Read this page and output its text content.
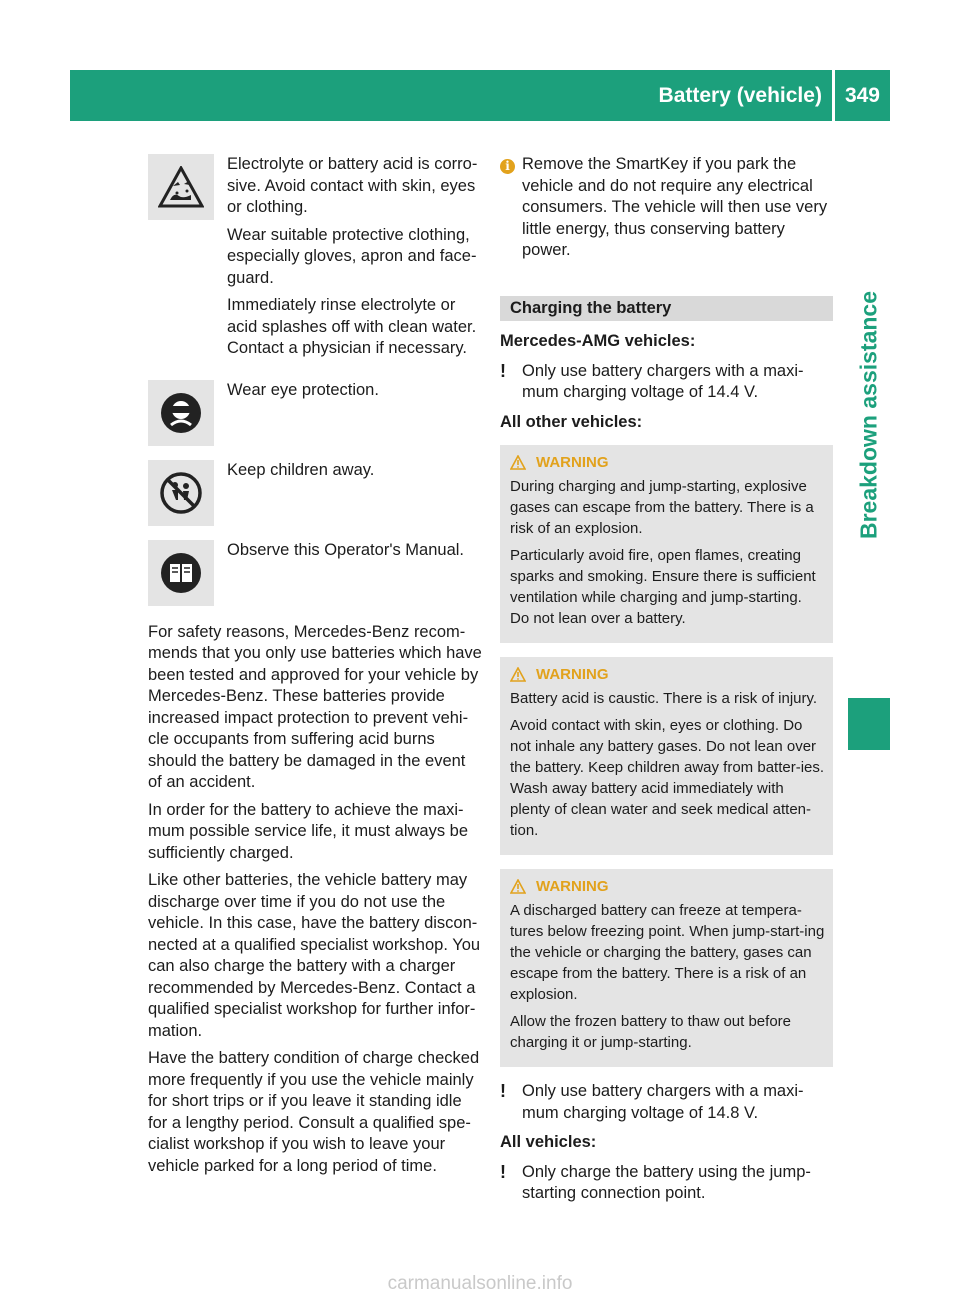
Battery (vehicle) 349
Breakdown assistance

Electrolyte or battery acid is corro-sive. Avoid contact with skin, eyes or clothing.

Wear suitable protective clothing, especially gloves, apron and face-guard.

Immediately rinse electrolyte or acid splashes off with clean water. Contact a physician if necessary.

Wear eye protection.

Keep children away.

Observe this Operator's Manual.

For safety reasons, Mercedes-Benz recom-mends that you only use batteries which have been tested and approved for your vehicle by Mercedes-Benz. These batteries provide increased impact protection to prevent vehi-cle occupants from suffering acid burns should the battery be damaged in the event of an accident.

In order for the battery to achieve the maxi-mum possible service life, it must always be sufficiently charged.

Like other batteries, the vehicle battery may discharge over time if you do not use the vehicle. In this case, have the battery discon-nected at a qualified specialist workshop. You can also charge the battery with a charger recommended by Mercedes-Benz. Contact a qualified specialist workshop for further infor-mation.

Have the battery condition of charge checked more frequently if you use the vehicle mainly for short trips or if you leave it standing idle for a lengthy period. Consult a qualified spe-cialist workshop if you wish to leave your vehicle parked for a long period of time.

i Remove the SmartKey if you park the vehicle and do not require any electrical consumers. The vehicle will then use very little energy, thus conserving battery power.
Charging the battery
Mercedes-AMG vehicles:
! Only use battery chargers with a maxi-mum charging voltage of 14.4 V.
All other vehicles:
WARNING

During charging and jump-starting, explosive gases can escape from the battery. There is a risk of an explosion.

Particularly avoid fire, open flames, creating sparks and smoking. Ensure there is sufficient ventilation while charging and jump-starting. Do not lean over a battery.

WARNING

Battery acid is caustic. There is a risk of injury.

Avoid contact with skin, eyes or clothing. Do not inhale any battery gases. Do not lean over the battery. Keep children away from batter-ies. Wash away battery acid immediately with plenty of clean water and seek medical atten-tion.

WARNING

A discharged battery can freeze at tempera-tures below freezing point. When jump-start-ing the vehicle or charging the battery, gases can escape from the battery. There is a risk of an explosion.

Allow the frozen battery to thaw out before charging it or jump-starting.

! Only use battery chargers with a maxi-mum charging voltage of 14.8 V.
All vehicles:
! Only charge the battery using the jump-starting connection point.
carmanualsonline.info
